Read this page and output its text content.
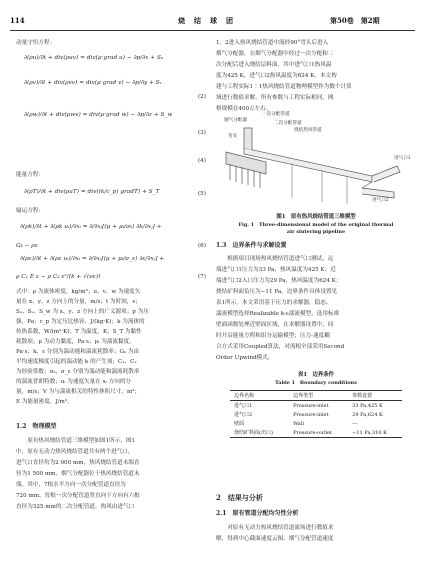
114	烧　结　球　团	第50卷　第2期
动量守恒方程：
∂(ρu)/∂t + div(ρuv) = div(μ·grad u) − ∂p/∂x + Sᵤ
∂(ρv)/∂t + div(ρvv) = div(μ·grad v) − ∂p/∂y + Sᵥ
(2)
∂(ρw)/∂t + div(ρwv) = div(μ·grad w) − ∂p/∂z + S_w
(3)
(4)
能量方程：
∂(ρT)/∂t + div(ρuT) = div((k/c_p) gradT) + S_T	(5)
输运方程：
∂(ρk)/∂t + ∂(ρk uᵢ)/∂xᵢ = ∂/∂xⱼ[(μ + μₜ/σₖ) ∂k/∂xⱼ] +
Gₖ − ρε	(6)
∂(ρε)/∂t + ∂(ρε uᵢ)/∂xᵢ = ∂/∂xⱼ[(μ + μₜ/σ_ε) ∂ε/∂xⱼ] +
ρ C₁ E ε − ρ C₂ ε²/(k + √(νε))	(7)
式中：ρ 为流体密度，kg/m³；u、v、w 为速度矢
量在 x、y、z 方向上的分量，m/s；t 为时间，s；
Sᵤ、Sᵥ、S_w 为 x、y、z 方向上的广义源项；p 为压
强，Pa；c_p 为定压比热容，J/(kg·K)；k 为流体的
传热系数，W/(m²·K)；T 为温度，K；S_T 为黏性
耗散项；μ 为动力黏度，Pa·s；μₜ 为湍流黏度，
Pa·s；k、ε 分别为湍动能和湍流耗散率；Gₖ 为由
平均速度梯度引起的湍动能 k 的产生项；C₁、C₂
为经验常数；σₖ、σ_ε 分别为湍动能和湍流耗散率
的湍流普朗特数；uᵢ 为速度矢量在 xᵢ 方向的分
量，m/s；V 为与湍流相关的特性体积尺寸，m³；
E 为能量密度，J/m³。
1.2　物理模型
　　原有热风烧结管道三维模型如图1所示。图1
中，原有无动力热风烧结管道共有两个进气口，
进气口直径均为2 000 mm，热风烧结管道末端直
径为1 500 mm，烟气分配器位于热风烧结管道末
端。其中，7根水平方向一次分配管道直径为
720 mm，每根一次分配管道竖直向下方向有六根
直径为325 mm的二次分配管道。热风由进气口
1、2进入热风烧结管道中流经90°弯头后进入
烟气分配器，在烟气分配器中经过一次分配和二
次分配后进入烧结层料面，其中进气口1热风温
度为425 K，进气口2热风温度为624 K。本文构
建与工程实际1∶1热风烧结管道物理模型作为数个计算
域进行数值求解，所有参数与工程实际相同，网
格规模在400万左右。
烟气分配器
一次分配管道
二次分配管道
弯头
烧结热风管道
进气口2
进气口1
图1　原有热风烧结管道三维模型
Fig. 1　Three-dimensional model of the original thermal
air sintering pipeline
1.3　边界条件与求解设置
　　根据项目现场热风烧结管道进气口测试，远
端进气口1压力为33 Pa，热风温度为425 K；近
端进气口2入口压力为29 Pa，热风温度为624 K；
烧结矿料面负压为−11 Pa。边界条件具体设置见
表1所示。本文采用基于压力的求解器，稳态、
湍流模型选择Realizable k-ε湍流模型，选用标准
壁面函数处理近壁面区域，在求解器设置中，同
时开启能量方程和组分运输模型；压力-速度耦
合方式采用Coupled算法，对流相全部采用Second
Order Upwind模式。
表1　边界条件
Table 1　Boundary conditions
边界名称	边界类型	参数设置
进气口1	Pressure-inlet	33 Pa,425 K
进气口2	Pressure-inlet	29 Pa,624 K
壁面	Wall	—
烧结矿料面(出口)	Pressure-outlet	−11 Pa,310 K
2　结果与分析
2.1　原有管道分配均匀性分析
　　对原有无动力热风烧结管道流场进行数值求
解，得到中心截面速度云图、烟气分配管道速度
